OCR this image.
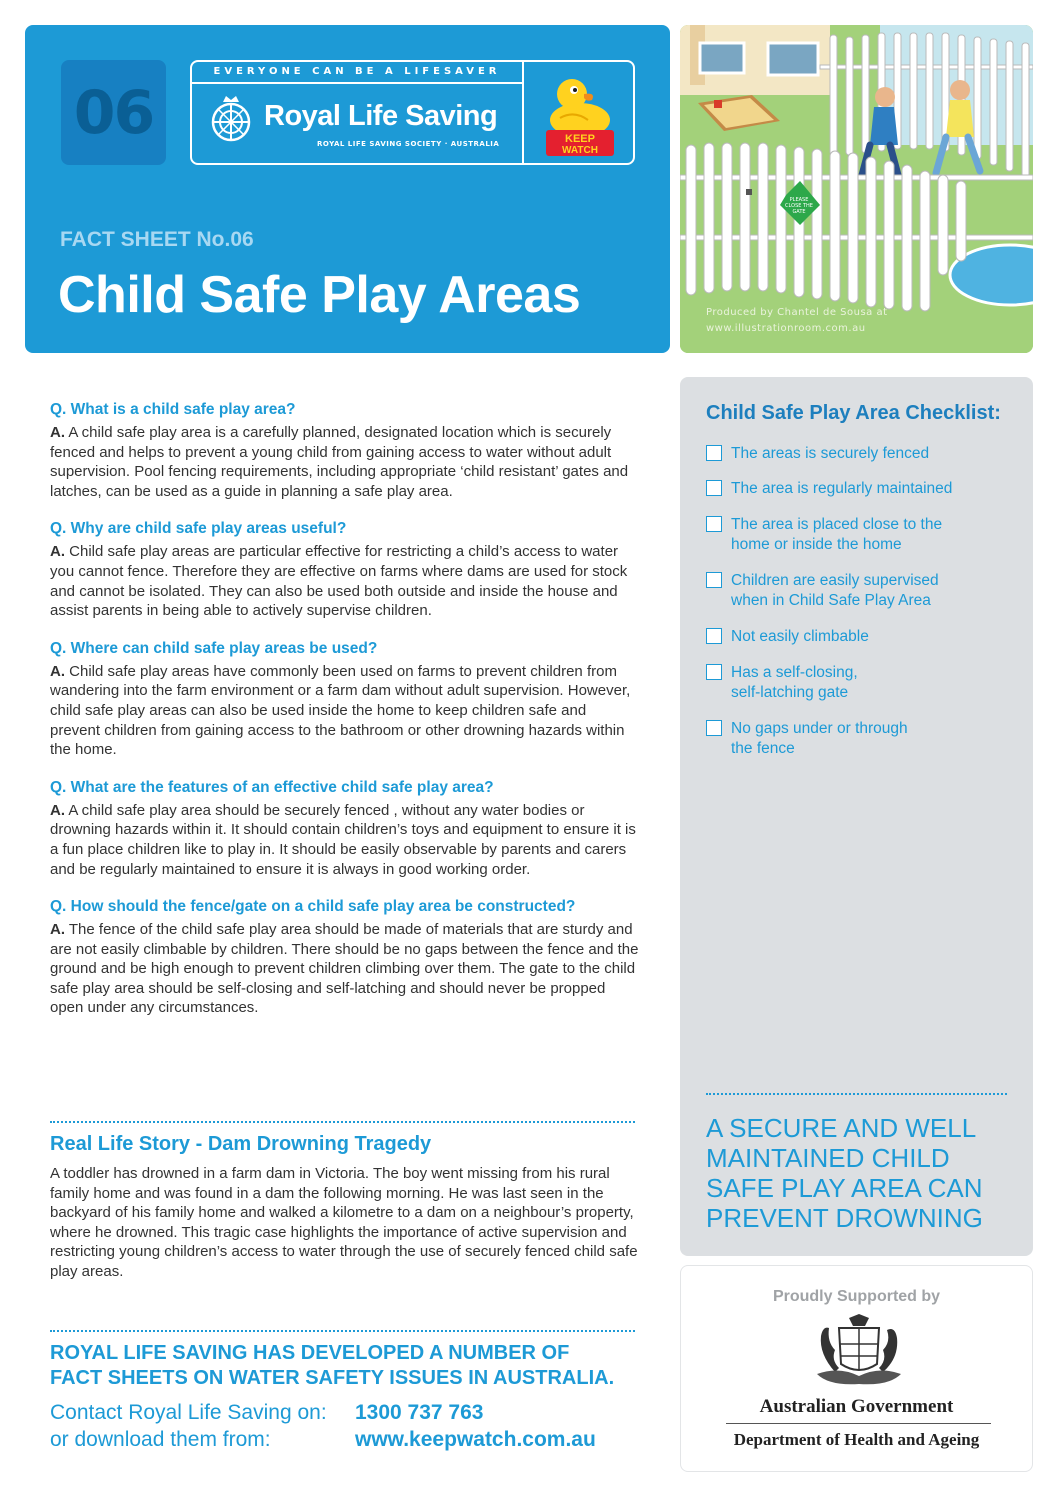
06
EVERYONE CAN BE A LIFESAVER
Royal Life Saving
ROYAL LIFE SAVING SOCIETY · AUSTRALIA	KEEP
WATCH
FACT SHEET No.06
Child Safe Play Areas
PLEASE
CLOSE THE
GATE
Produced by Chantel de Sousa at
www.illustrationroom.com.au
Q. What is a child safe play area?
A. A child safe play area is a carefully planned, designated location which is securely fenced and helps to prevent a young child from gaining access to water without adult supervision. Pool fencing requirements, including appropriate ‘child resistant’ gates and latches, can be used as a guide in planning a safe play area.
Q. Why are child safe play areas useful?
A. Child safe play areas are particular effective for restricting a child’s access to water you cannot fence. Therefore they are effective on farms where dams are used for stock and cannot be isolated. They can also be used both outside and inside the house and assist parents in being able to actively supervise children.
Q. Where can child safe play areas be used?
A. Child safe play areas have commonly been used on farms to prevent children from wandering into the farm environment or a farm dam without adult supervision. However, child safe play areas can also be used inside the home to keep children safe and prevent children from gaining access to the bathroom or other drowning hazards within the home.
Q. What are the features of an effective child safe play area?
A. A child safe play area should be securely fenced , without any water bodies or drowning hazards within it. It should contain children’s toys and equipment to ensure it is a fun place children like to play in. It should be easily observable by parents and carers and be regularly maintained to ensure it is always in good working order.
Q. How should the fence/gate on a child safe play area be constructed?
A. The fence of the child safe play area should be made of materials that are sturdy and are not easily climbable by children. There should be no gaps between the fence and the ground and be high enough to prevent children climbing over them. The gate to the child safe play area should be self-closing and self-latching and should never be propped open under any circumstances.
Real Life Story - Dam Drowning Tragedy
A toddler has drowned in a farm dam in Victoria. The boy went missing from his rural family home and was found in a dam the following morning. He was last seen in the backyard of his family home and walked a kilometre to a dam on a neighbour’s property, where he drowned. This tragic case highlights the importance of active supervision and restricting young children’s access to water through the use of securely fenced child safe play areas.
ROYAL LIFE SAVING HAS DEVELOPED A NUMBER OF
FACT SHEETS ON WATER SAFETY ISSUES IN AUSTRALIA.
Contact Royal Life Saving on: 1300 737 763
or download them from:	www.keepwatch.com.au
Child Safe Play Area Checklist:
The areas is securely fenced
The area is regularly maintained
The area is placed close to the
home or inside the home
Children are easily supervised
when in Child Safe Play Area
Not easily climbable
Has a self-closing,
self-latching gate
No gaps under or through
the fence
A SECURE AND WELL
MAINTAINED CHILD
SAFE PLAY AREA CAN
PREVENT DROWNING
Proudly Supported by
Australian Government
Department of Health and Ageing
